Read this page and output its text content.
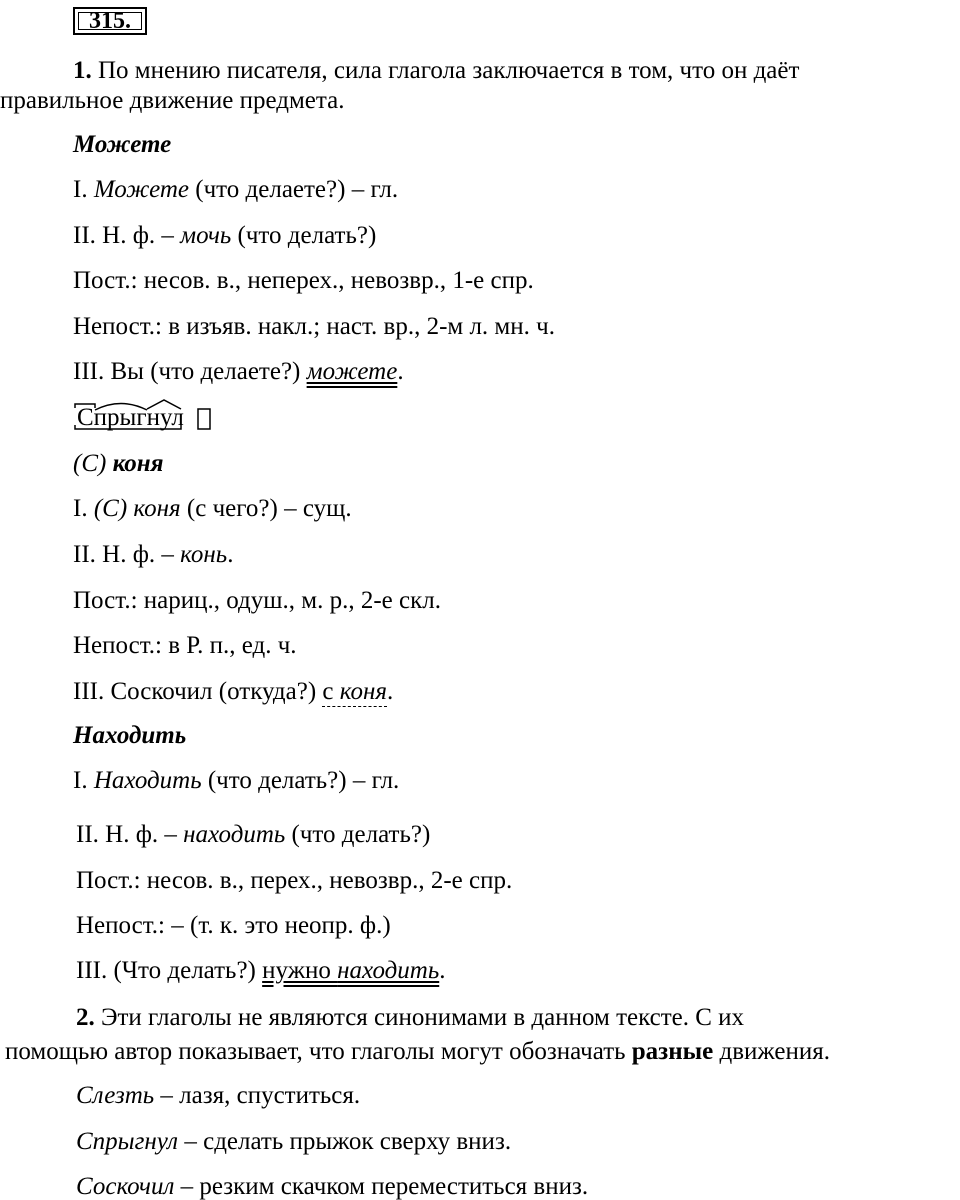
315.
1. По мнению писателя, сила глагола заключается в том, что он даёт
правильное движение предмета.
Можете
I. Можете (что делаете?) – гл.
II. Н. ф. – мочь (что делать?)
Пост.: несов. в., неперех., невозвр., 1-е спр.
Непост.: в изъяв. накл.; наст. вр., 2-м л. мн. ч.
III. Вы (что делаете?) можете.
Спрыгнул
(С) коня
I. (С) коня (с чего?) – сущ.
II. Н. ф. – конь.
Пост.: нариц., одуш., м. р., 2-е скл.
Непост.: в Р. п., ед. ч.
III. Соскочил (откуда?) с коня.
Находить
I. Находить (что делать?) – гл.
II. Н. ф. – находить (что делать?)
Пост.: несов. в., перех., невозвр., 2-е спр.
Непост.: – (т. к. это неопр. ф.)
III. (Что делать?) нужно находить.
2. Эти глаголы не являются синонимами в данном тексте. С их
помощью автор показывает, что глаголы могут обозначать разные движения.
Слезть – лазя, спуститься.
Спрыгнул – сделать прыжок сверху вниз.
Соскочил – резким скачком переместиться вниз.
